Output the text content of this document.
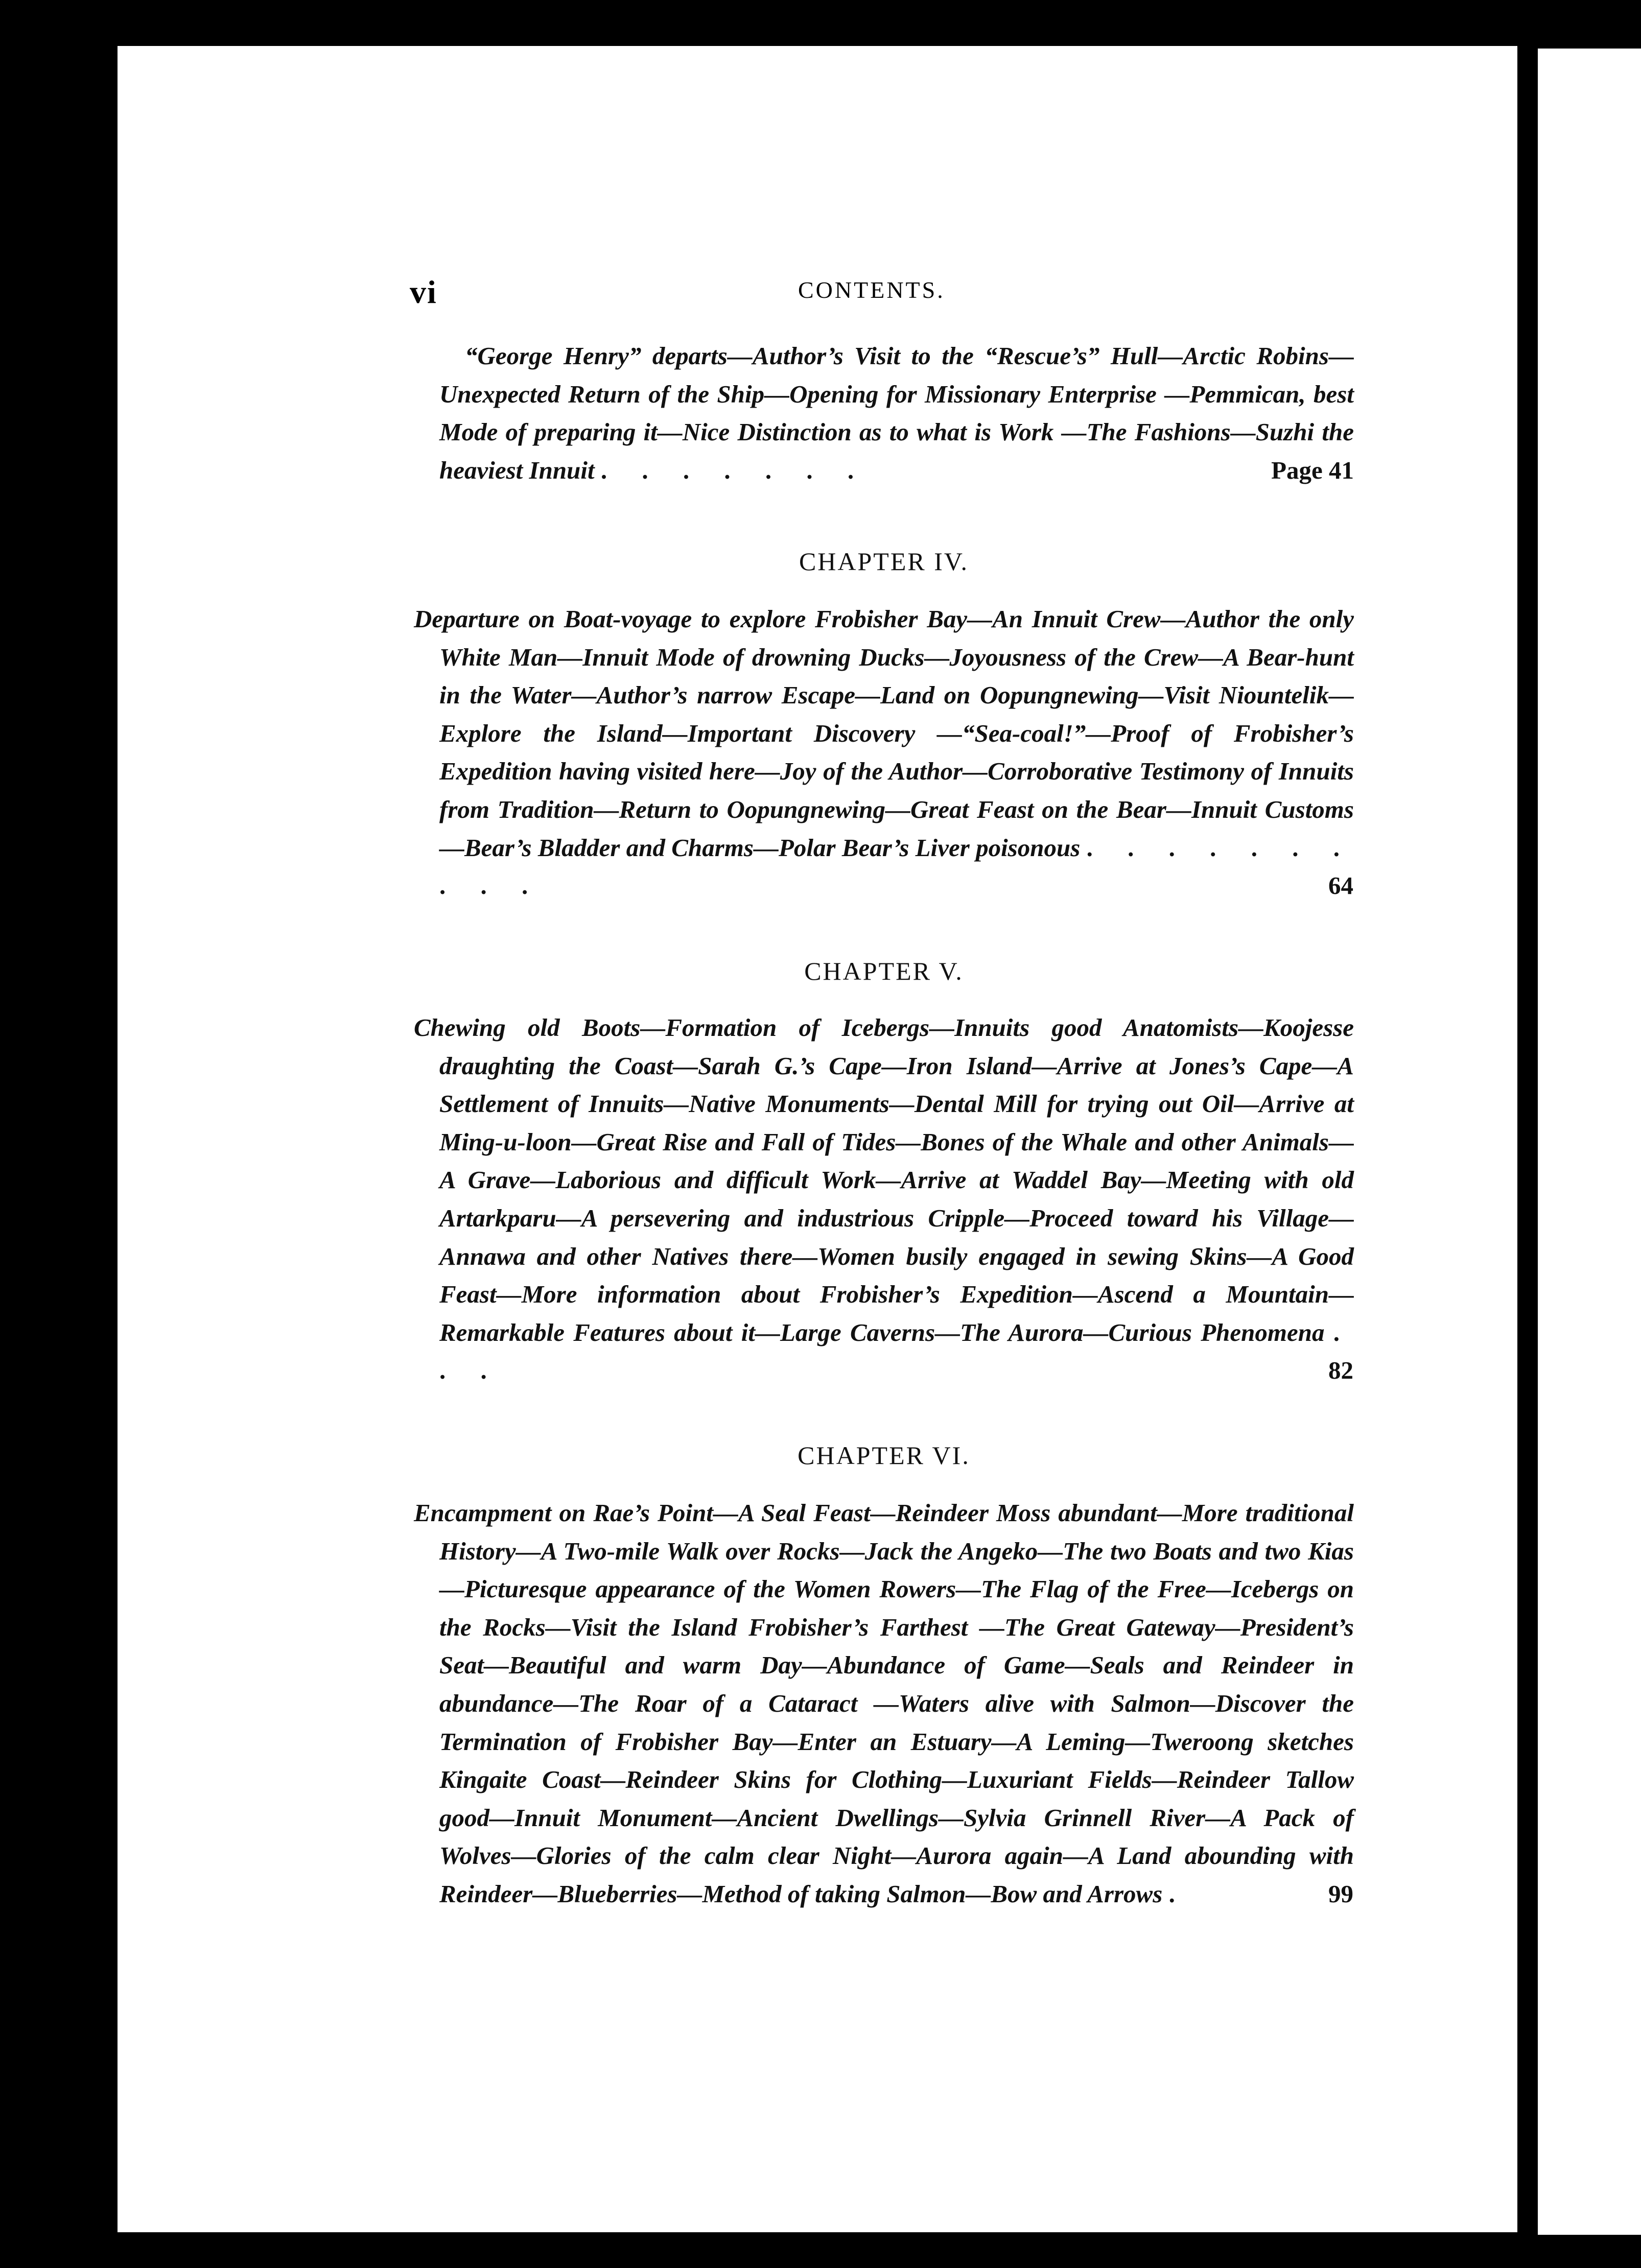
vi	CONTENTS.
“George Henry” departs—Author’s Visit to the “Rescue’s” Hull—Arctic Robins—Unexpected Return of the Ship—Opening for Missionary Enterprise —Pemmican, best Mode of preparing it—Nice Distinction as to what is Work —The Fashions—Suzhi the heaviest Innuit . . . . . . .	Page 41
CHAPTER IV.
Departure on Boat-voyage to explore Frobisher Bay—An Innuit Crew—Author the only White Man—Innuit Mode of drowning Ducks—Joyousness of the Crew—A Bear-hunt in the Water—Author’s narrow Escape—Land on Oopungnewing—Visit Niountelik—Explore the Island—Important Discovery —“Sea-coal!”—Proof of Frobisher’s Expedition having visited here—Joy of the Author—Corroborative Testimony of Innuits from Tradition—Return to Oopungnewing—Great Feast on the Bear—Innuit Customs—Bear’s Bladder and Charms—Polar Bear’s Liver poisonous . . . . . . . . . .	64
CHAPTER V.
Chewing old Boots—Formation of Icebergs—Innuits good Anatomists—Koojesse draughting the Coast—Sarah G.’s Cape—Iron Island—Arrive at Jones’s Cape—A Settlement of Innuits—Native Monuments—Dental Mill for trying out Oil—Arrive at Ming-u-loon—Great Rise and Fall of Tides—Bones of the Whale and other Animals—A Grave—Laborious and difficult Work—Arrive at Waddel Bay—Meeting with old Artarkparu—A persevering and industrious Cripple—Proceed toward his Village—Annawa and other Natives there—Women busily engaged in sewing Skins—A Good Feast—More information about Frobisher’s Expedition—Ascend a Mountain—Remarkable Features about it—Large Caverns—The Aurora—Curious Phenomena . . .	82
CHAPTER VI.
Encampment on Rae’s Point—A Seal Feast—Reindeer Moss abundant—More traditional History—A Two-mile Walk over Rocks—Jack the Angeko—The two Boats and two Kias—Picturesque appearance of the Women Rowers—The Flag of the Free—Icebergs on the Rocks—Visit the Island Frobisher’s Farthest —The Great Gateway—President’s Seat—Beautiful and warm Day—Abundance of Game—Seals and Reindeer in abundance—The Roar of a Cataract —Waters alive with Salmon—Discover the Termination of Frobisher Bay—Enter an Estuary—A Leming—Tweroong sketches Kingaite Coast—Reindeer Skins for Clothing—Luxuriant Fields—Reindeer Tallow good—Innuit Monument—Ancient Dwellings—Sylvia Grinnell River—A Pack of Wolves—Glories of the calm clear Night—Aurora again—A Land abounding with Reindeer—Blueberries—Method of taking Salmon—Bow and Arrows .	99
